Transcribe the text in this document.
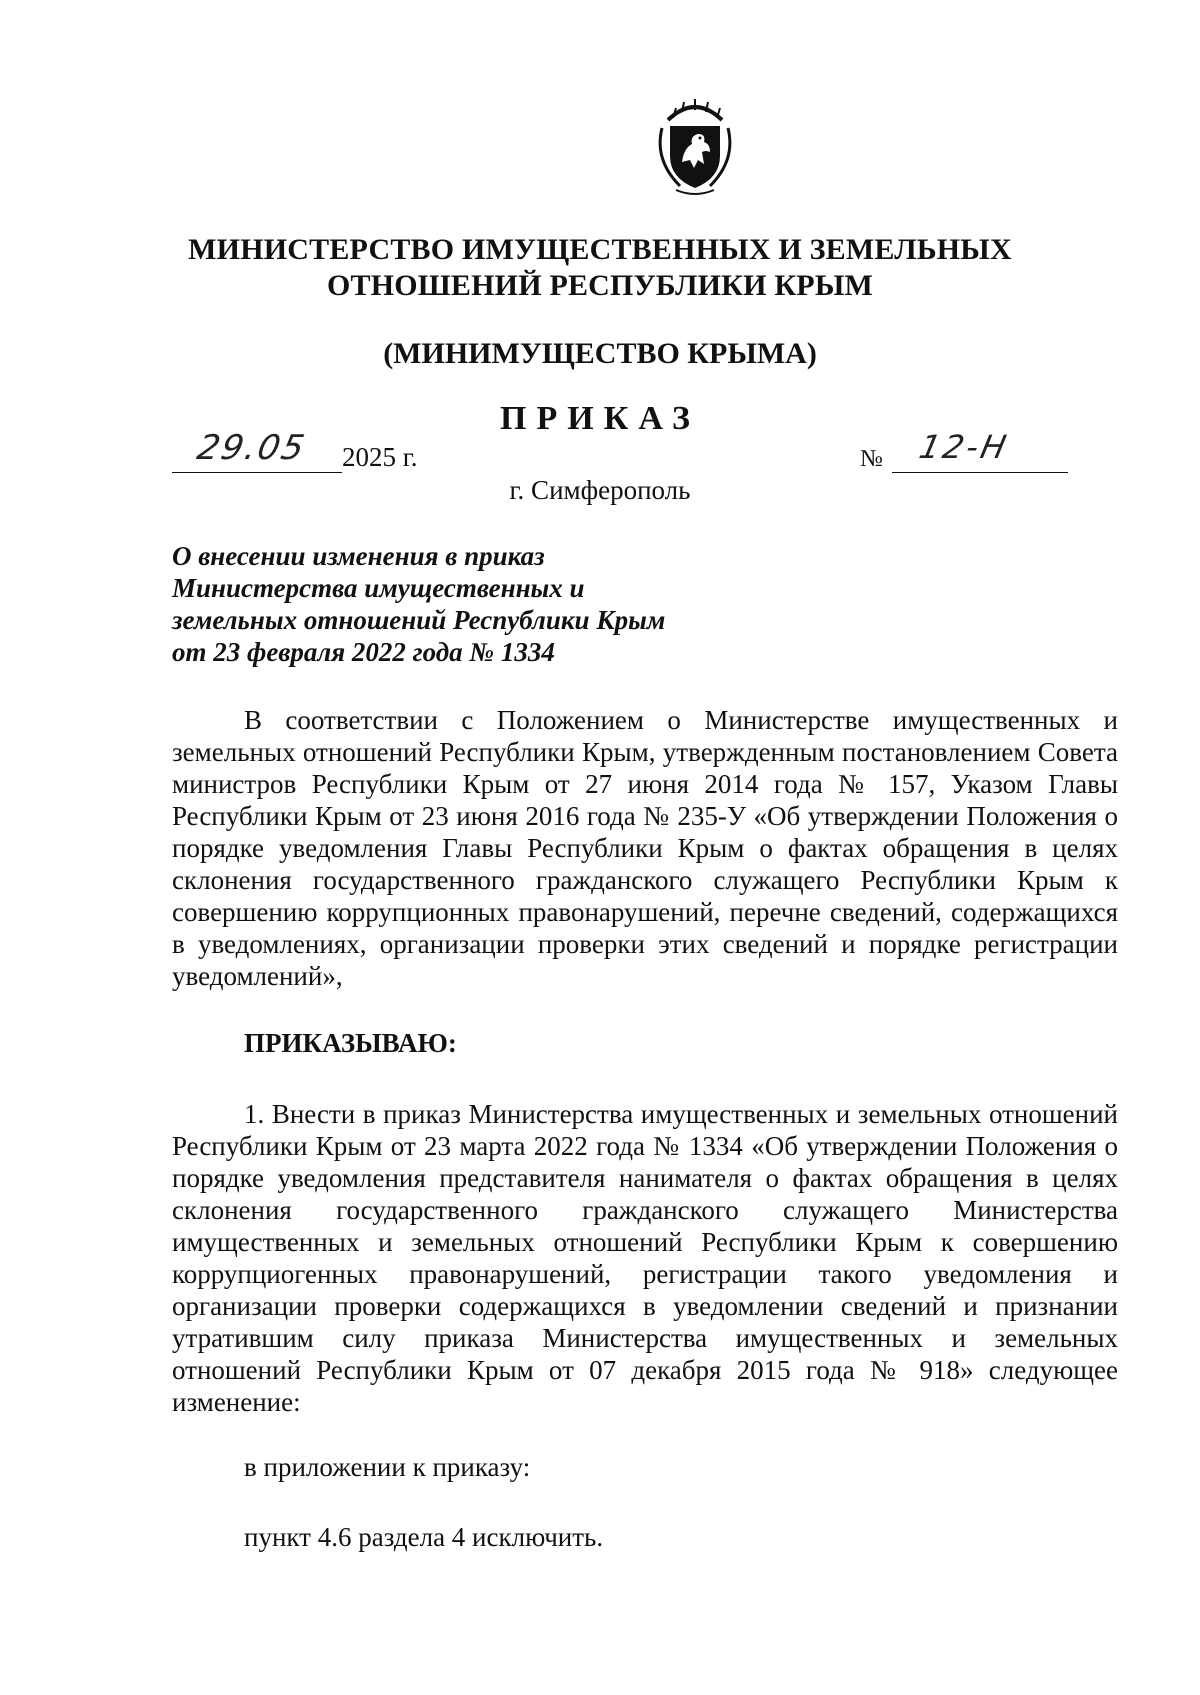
МИНИСТЕРСТВО ИМУЩЕСТВЕННЫХ И ЗЕМЕЛЬНЫХ
ОТНОШЕНИЙ РЕСПУБЛИКИ КРЫМ
(МИНИМУЩЕСТВО КРЫМА)
ПРИКАЗ
29.05 2025 г.	№ 12-Н
г. Симферополь
О внесении изменения в приказ
Министерства имущественных и
земельных отношений Республики Крым
от 23 февраля 2022 года № 1334
В соответствии с Положением о Министерстве имущественных и земельных отношений Республики Крым, утвержденным постановлением Совета министров Республики Крым от 27 июня 2014 года № 157, Указом Главы Республики Крым от 23 июня 2016 года № 235-У «Об утверждении Положения о порядке уведомления Главы Республики Крым о фактах обращения в целях склонения государственного гражданского служащего Республики Крым к совершению коррупционных правонарушений, перечне сведений, содержащихся в уведомлениях, организации проверки этих сведений и порядке регистрации уведомлений»,
ПРИКАЗЫВАЮ:
1. Внести в приказ Министерства имущественных и земельных отношений Республики Крым от 23 марта 2022 года № 1334 «Об утверждении Положения о порядке уведомления представителя нанимателя о фактах обращения в целях склонения государственного гражданского служащего Министерства имущественных и земельных отношений Республики Крым к совершению коррупциогенных правонарушений, регистрации такого уведомления и организации проверки содержащихся в уведомлении сведений и признании утратившим силу приказа Министерства имущественных и земельных отношений Республики Крым от 07 декабря 2015 года № 918» следующее изменение:
в приложении к приказу:
пункт 4.6 раздела 4 исключить.
